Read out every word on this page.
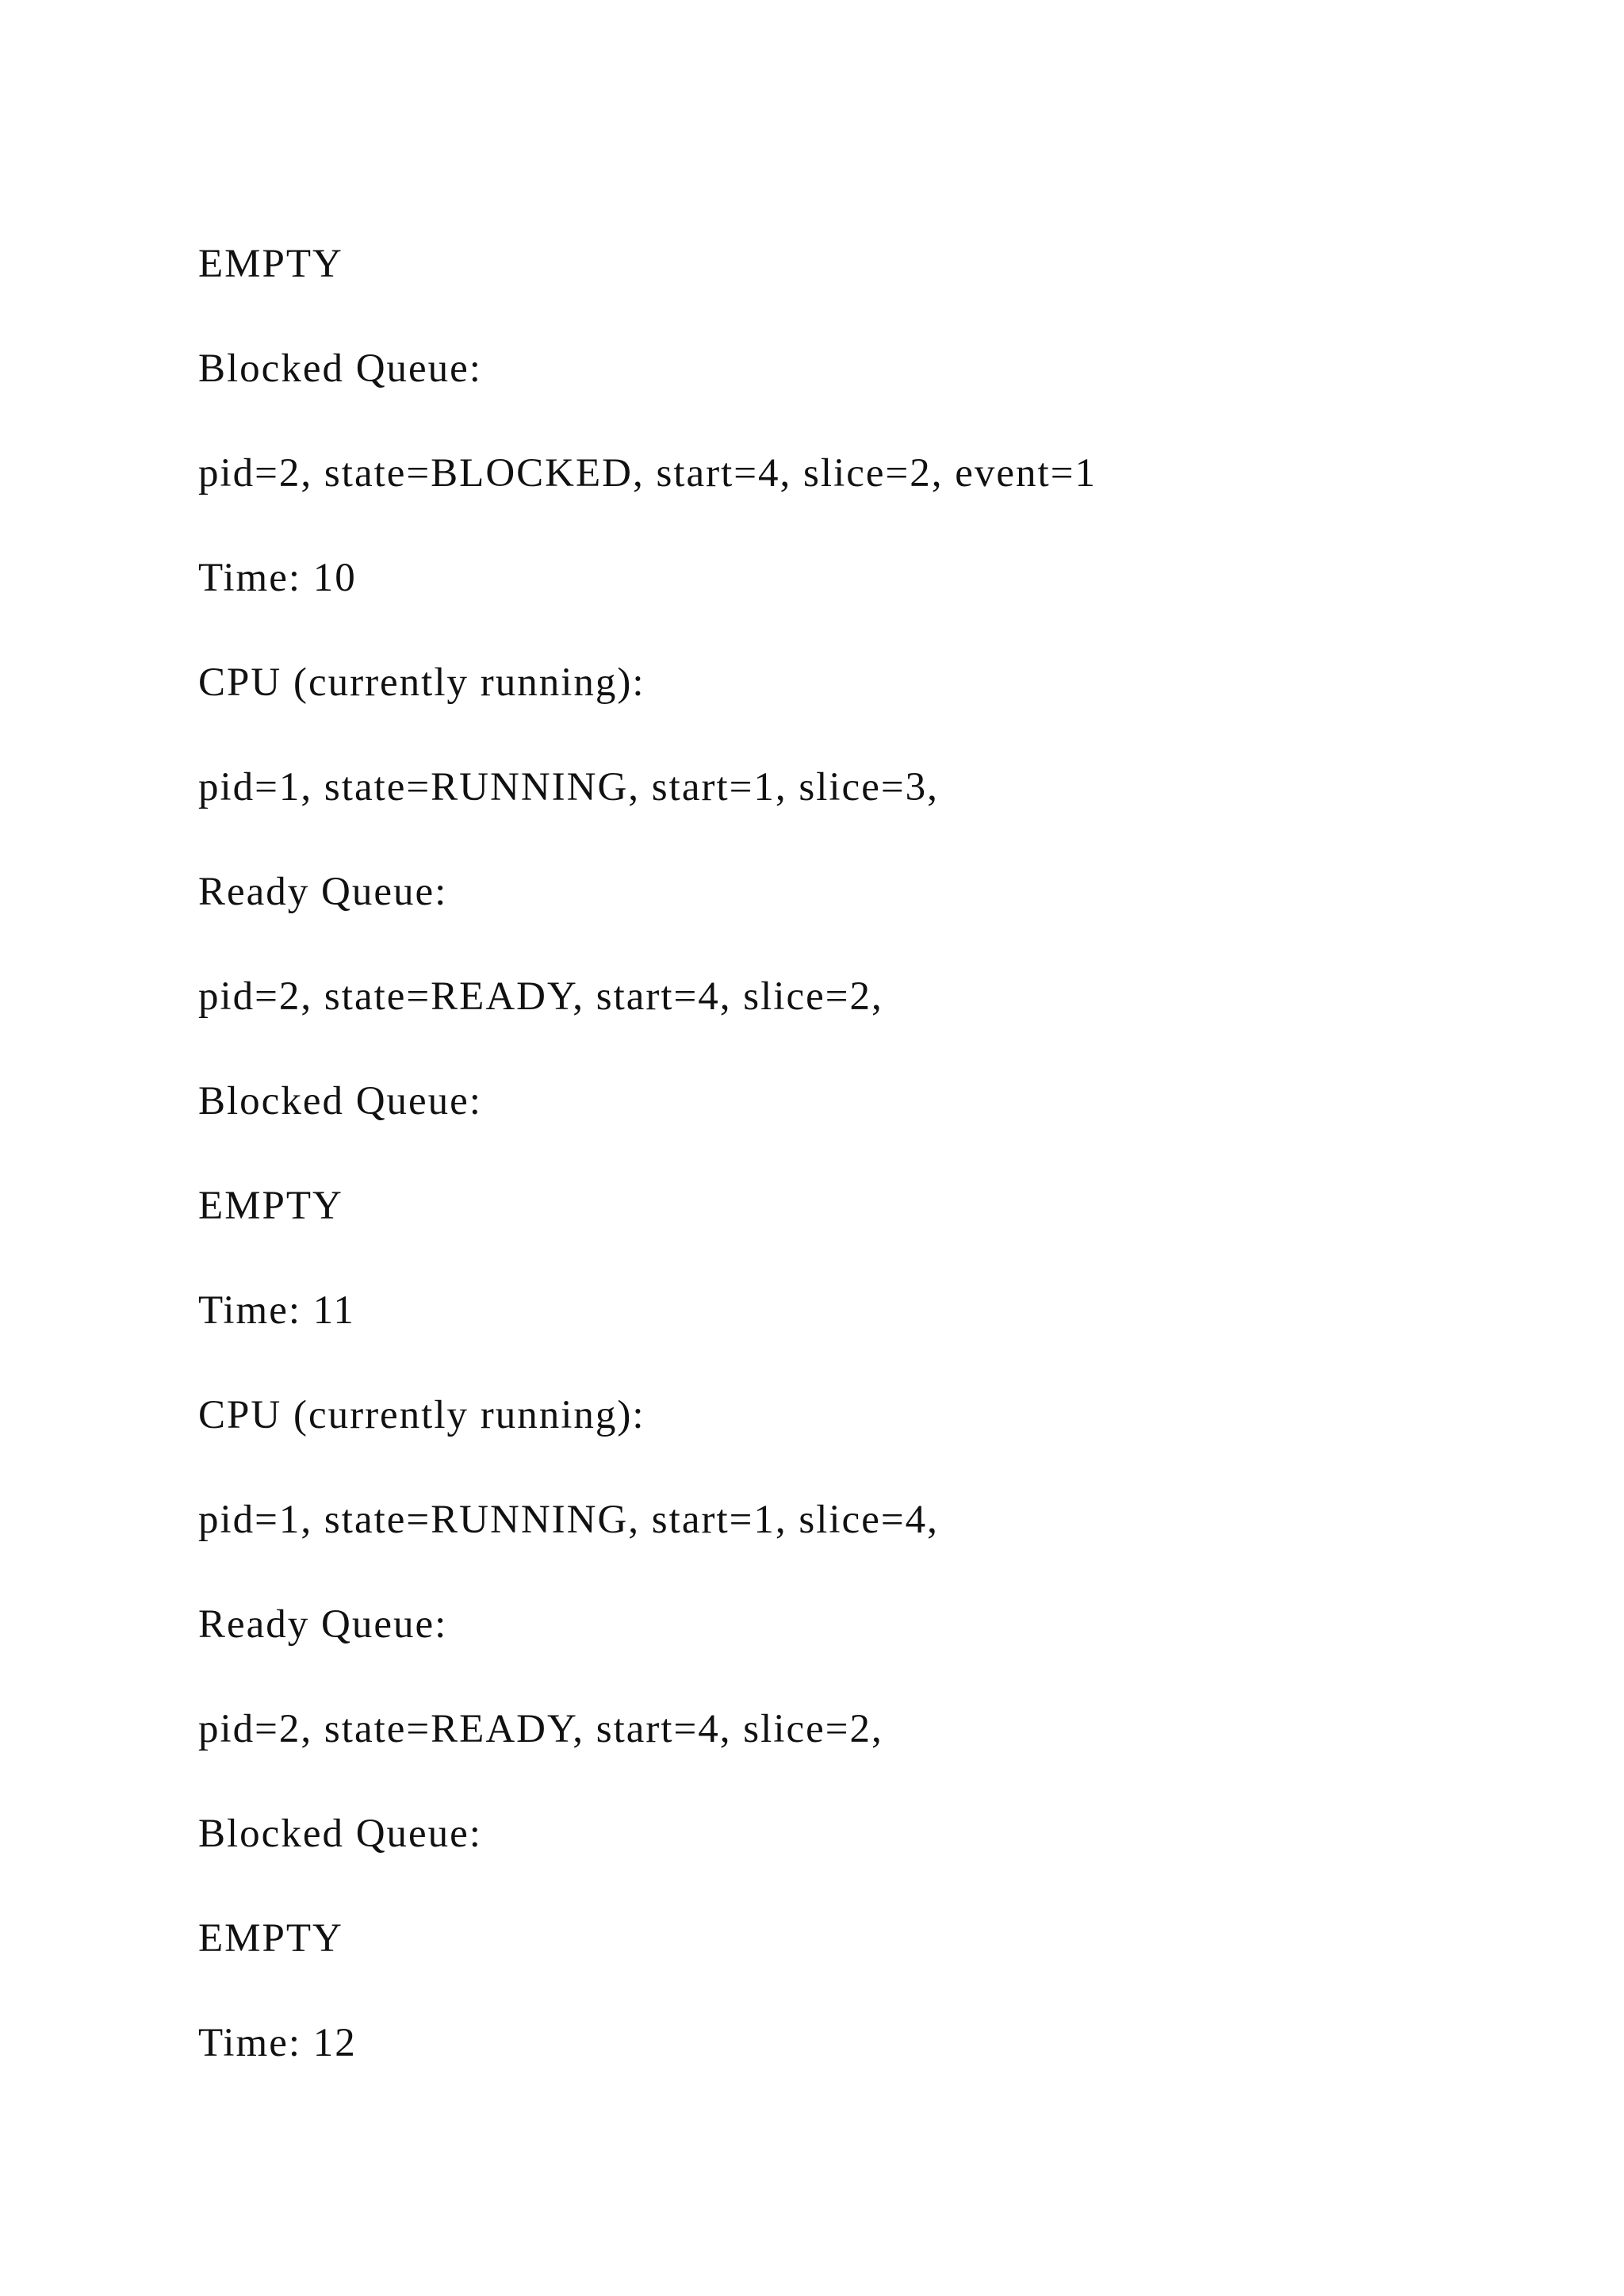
EMPTY
Blocked Queue:
pid=2, state=BLOCKED, start=4, slice=2, event=1
Time: 10
CPU (currently running):
pid=1, state=RUNNING, start=1, slice=3,
Ready Queue:
pid=2, state=READY, start=4, slice=2,
Blocked Queue:
EMPTY
Time: 11
CPU (currently running):
pid=1, state=RUNNING, start=1, slice=4,
Ready Queue:
pid=2, state=READY, start=4, slice=2,
Blocked Queue:
EMPTY
Time: 12
